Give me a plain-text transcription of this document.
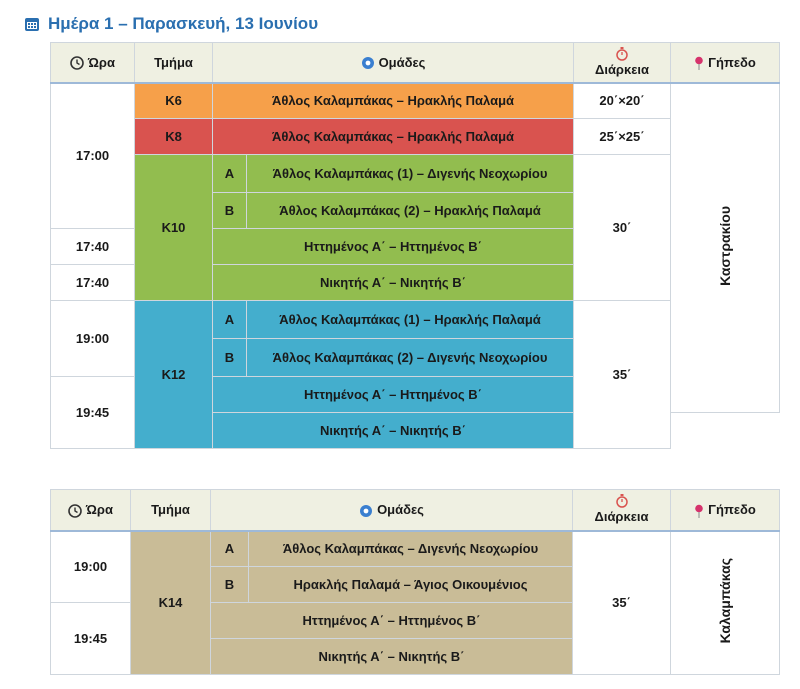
Ημέρα 1 – Παρασκευή, 13 Ιουνίου
Ώρα	Τμήμα	Ομάδες		Διάρκεια	Γήπεδο
17:00	Κ6	Άθλος Καλαμπάκας – Ηρακλής Παλαμά		20΄×20΄	Καστρακίου
	Κ8	Άθλος Καλαμπάκας – Ηρακλής Παλαμά		25΄×25΄	
	Κ10	Α	Άθλος Καλαμπάκας (1) – Διγενής Νεοχωρίου	30΄	
		Β	Άθλος Καλαμπάκας (2) – Ηρακλής Παλαμά		
17:40		Ηττημένος Α΄ – Ηττημένος Β΄			
17:40		Νικητής Α΄ – Νικητής Β΄			
19:00	Κ12	Α	Άθλος Καλαμπάκας (1) – Ηρακλής Παλαμά	35΄	
		Β	Άθλος Καλαμπάκας (2) – Διγενής Νεοχωρίου		
19:45		Ηττημένος Α΄ – Ηττημένος Β΄			
		Νικητής Α΄ – Νικητής Β΄			
Ώρα	Τμήμα	Ομάδες		Διάρκεια	Γήπεδο
19:00	Κ14	Α	Άθλος Καλαμπάκας – Διγενής Νεοχωρίου	35΄	Καλαμπάκας
		Β	Ηρακλής Παλαμά – Άγιος Οικουμένιος		
19:45		Ηττημένος Α΄ – Ηττημένος Β΄			
		Νικητής Α΄ – Νικητής Β΄			
